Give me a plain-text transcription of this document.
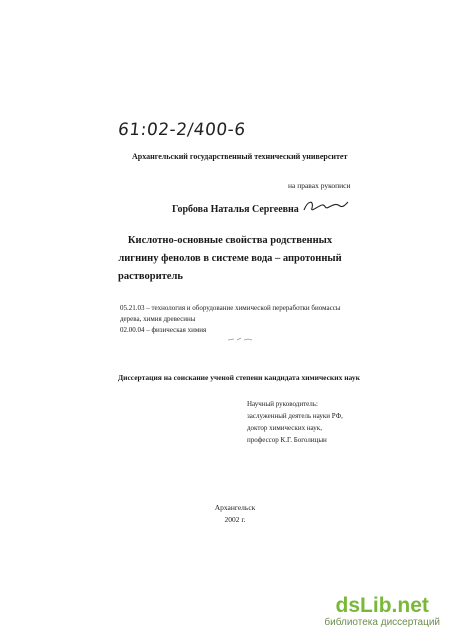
61:02-2/400-6
Архангельский государственный технический университет
на правах рукописи
Горбова Наталья Сергеевна
Кислотно-основные свойства родственных
лигнину фенолов в системе вода – апротонный
растворитель
05.21.03 – технология и оборудование химической переработки биомассы
дерева, химия древесины
02.00.04 – физическая химия
Диссертация на соискание ученой степени кандидата химических наук
Научный руководитель:
заслуженный деятель науки РФ,
доктор химических наук,
профессор К.Г. Боголицын
Архангельск
2002 г.
dsLib.net
библиотека диссертаций
